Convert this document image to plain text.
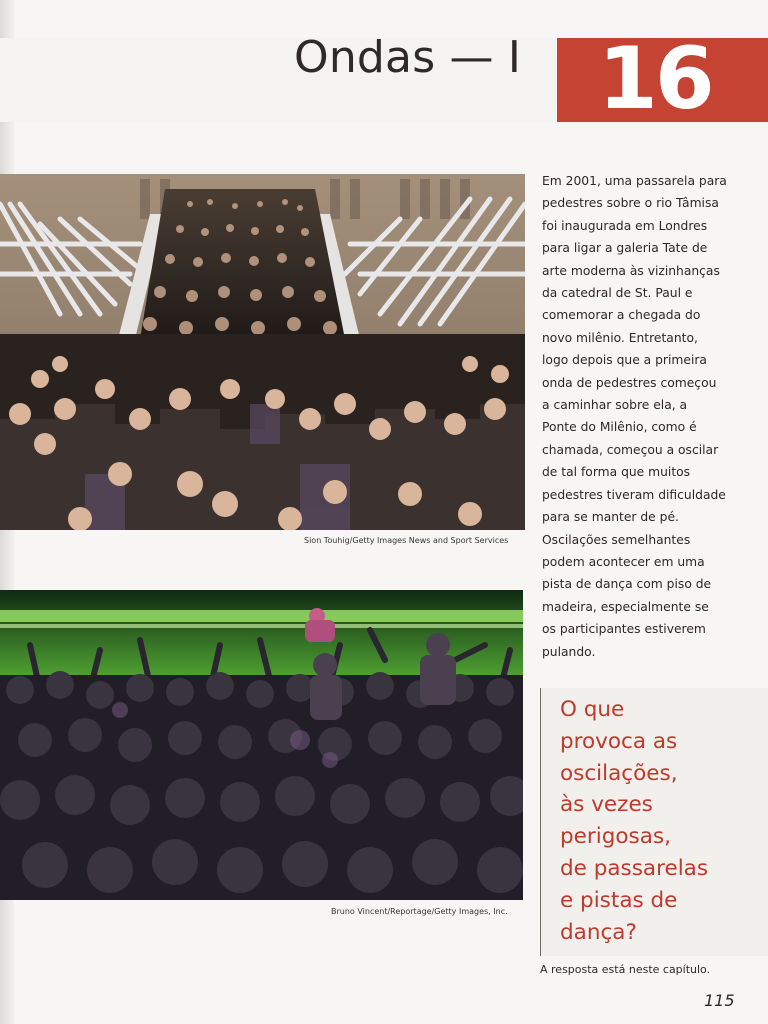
Ondas — I 16
Sion Touhig/Getty Images News and Sport Services
Bruno Vincent/Reportage/Getty Images, Inc.
Em 2001, uma passarela para
pedestres sobre o rio Tâmisa
foi inaugurada em Londres
para ligar a galeria Tate de
arte moderna às vizinhanças
da catedral de St. Paul e
comemorar a chegada do
novo milênio. Entretanto,
logo depois que a primeira
onda de pedestres começou
a caminhar sobre ela, a
Ponte do Milênio, como é
chamada, começou a oscilar
de tal forma que muitos
pedestres tiveram dificuldade
para se manter de pé.
Oscilações semelhantes
podem acontecer em uma
pista de dança com piso de
madeira, especialmente se
os participantes estiverem
pulando.
O que
provoca as
oscilações,
às vezes
perigosas,
de passarelas
e pistas de
dança?
A resposta está neste capítulo.
115
